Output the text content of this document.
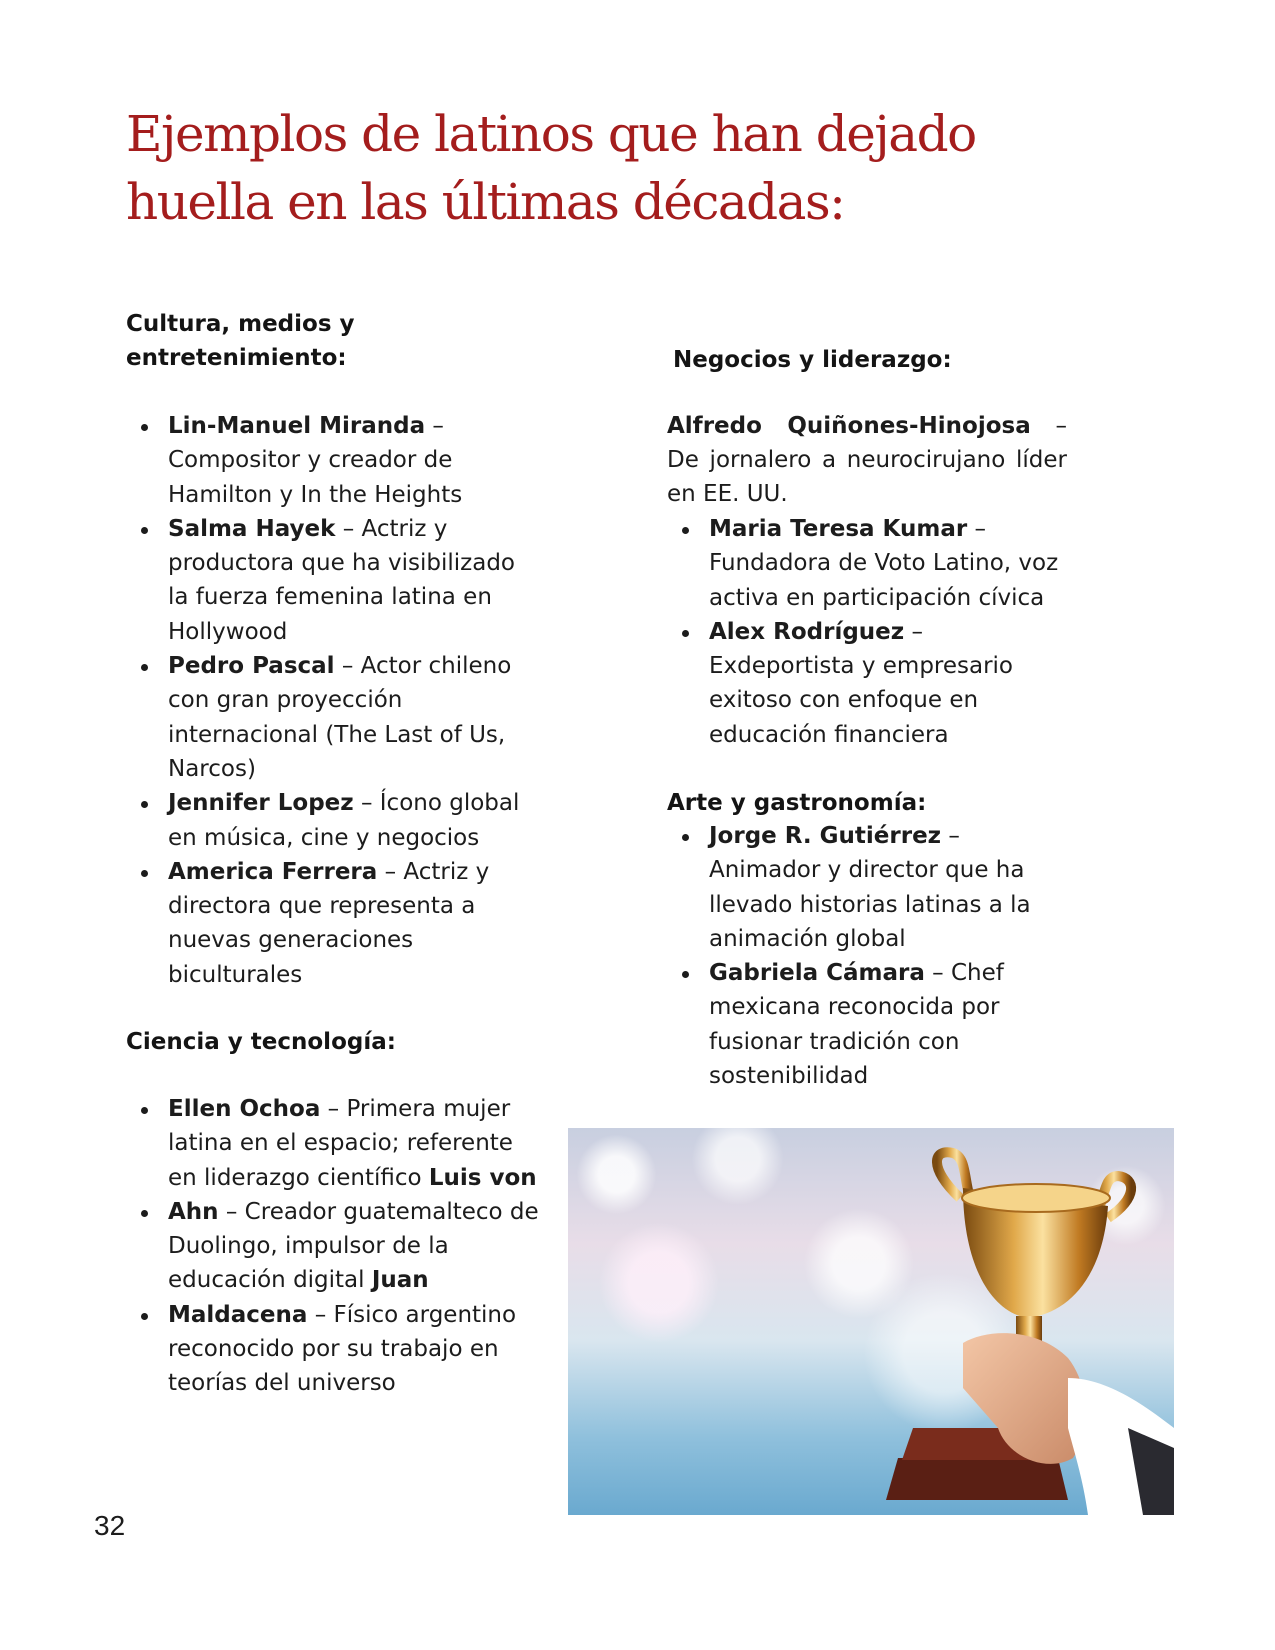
Ejemplos de latinos que han dejado
huella en las últimas décadas:
Cultura, medios y
entretenimiento:
Lin-Manuel Miranda – Compositor y creador de Hamilton y In the Heights
Salma Hayek – Actriz y productora que ha visibilizado la fuerza femenina latina en Hollywood
Pedro Pascal – Actor chileno con gran proyección internacional (The Last of Us, Narcos)
Jennifer Lopez – Ícono global en música, cine y negocios
America Ferrera – Actriz y directora que representa a nuevas generaciones biculturales
Ciencia y tecnología:
Ellen Ochoa – Primera mujer latina en el espacio; referente en liderazgo científico Luis von
Ahn – Creador guatemalteco de Duolingo, impulsor de la educación digital Juan
Maldacena – Físico argentino reconocido por su trabajo en teorías del universo
Negocios y liderazgo:

Alfredo Quiñones-Hinojosa – De jornalero a neurocirujano líder en EE. UU.

Maria Teresa Kumar – Fundadora de Voto Latino, voz activa en participación cívica
Alex Rodríguez – Exdeportista y empresario exitoso con enfoque en educación financiera
Arte y gastronomía:
Jorge R. Gutiérrez – Animador y director que ha llevado historias latinas a la animación global
Gabriela Cámara – Chef mexicana reconocida por fusionar tradición con sostenibilidad

32
